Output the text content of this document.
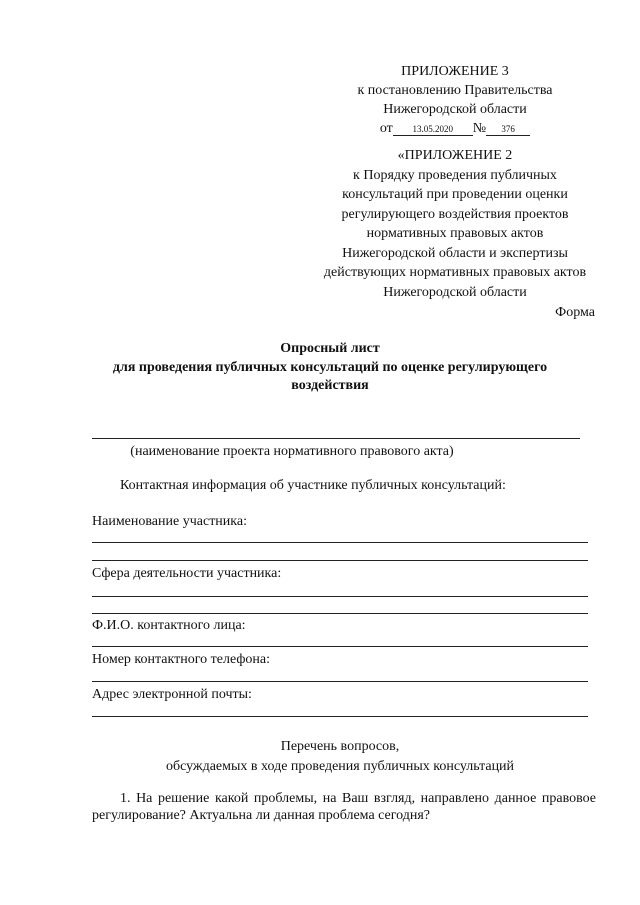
ПРИЛОЖЕНИЕ 3
к постановлению Правительства
Нижегородской области
от 13.05.2020 № 376
«ПРИЛОЖЕНИЕ 2
к Порядку проведения публичных
консультаций при проведении оценки
регулирующего воздействия проектов
нормативных правовых актов
Нижегородской области и экспертизы
действующих нормативных правовых актов
Нижегородской области
Форма
Опросный лист
для проведения публичных консультаций по оценке регулирующего
воздействия
(наименование проекта нормативного правового акта)
Контактная информация об участнике публичных консультаций:
Наименование участника:
Сфера деятельности участника:
Ф.И.О. контактного лица:
Номер контактного телефона:
Адрес электронной почты:
Перечень вопросов,
обсуждаемых в ходе проведения публичных консультаций
1. На решение какой проблемы, на Ваш взгляд, направлено данное правовое регулирование? Актуальна ли данная проблема сегодня?
